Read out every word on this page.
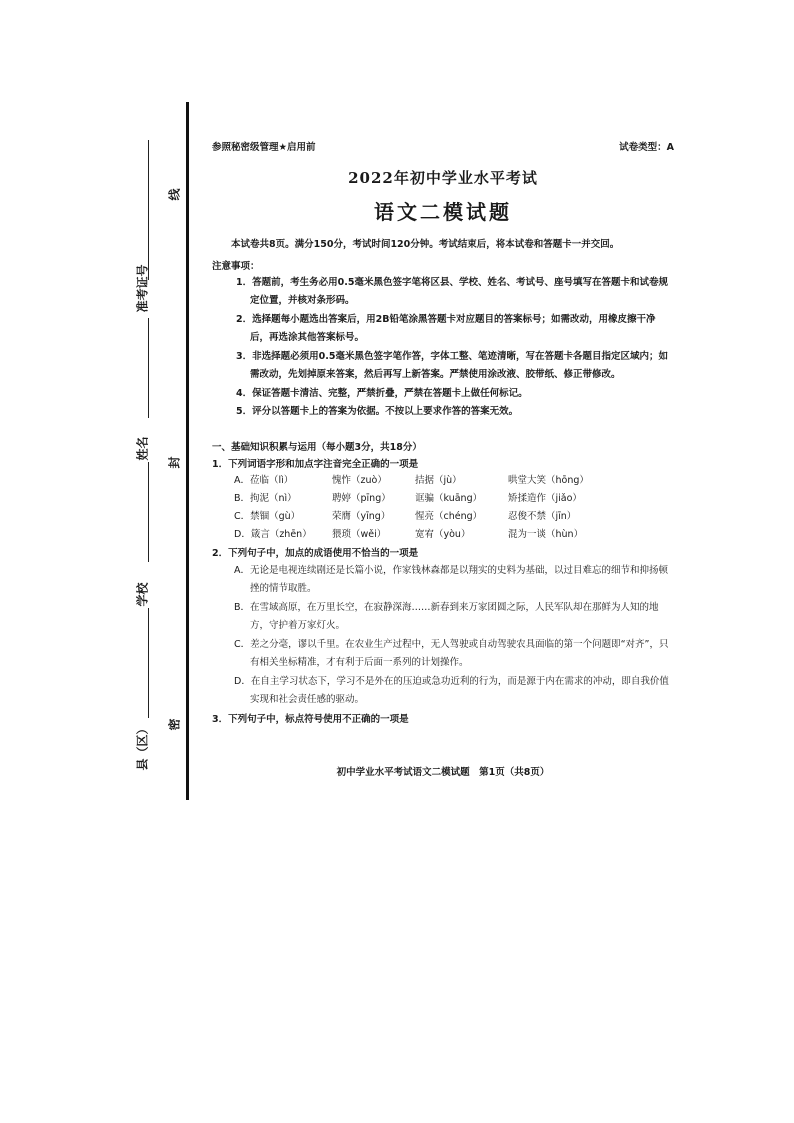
线
封
密
准考证号
姓名
学校
县（区）
参照秘密级管理★启用前	试卷类型：A
2022年初中学业水平考试
语文二模试题
本试卷共8页。满分150分，考试时间120分钟。考试结束后，将本试卷和答题卡一并交回。
注意事项：
1．答题前，考生务必用0.5毫米黑色签字笔将区县、学校、姓名、考试号、座号填写在答题卡和试卷规定位置，并核对条形码。
2．选择题每小题选出答案后，用2B铅笔涂黑答题卡对应题目的答案标号；如需改动，用橡皮擦干净后，再选涂其他答案标号。
3．非选择题必须用0.5毫米黑色签字笔作答，字体工整、笔迹清晰，写在答题卡各题目指定区域内；如需改动，先划掉原来答案，然后再写上新答案。严禁使用涂改液、胶带纸、修正带修改。
4．保证答题卡清洁、完整，严禁折叠，严禁在答题卡上做任何标记。
5．评分以答题卡上的答案为依据。不按以上要求作答的答案无效。
一、基础知识积累与运用（每小题3分，共18分）
1．下列词语字形和加点字注音完全正确的一项是
A．莅临（lì）	愧怍（zuò）	拮据（jù）	哄堂大笑（hōng）
B．拘泥（nì）	聘婷（pīng）	诓骗（kuāng）	矫揉造作（jiǎo）
C．禁锢（gù）	荣膺（yīng）	惺亮（chéng）	忍俊不禁（jīn）
D．箴言（zhēn）	猥琐（wěi）	宽宥（yòu）	混为一谈（hùn）
2．下列句子中，加点的成语使用不恰当的一项是
A．无论是电视连续剧还是长篇小说，作家钱林森都是以翔实的史料为基础，以过目难忘的细节和抑扬顿挫的情节取胜。
B．在雪域高原，在万里长空，在寂静深海……新春到来万家团圆之际，人民军队却在那鲜为人知的地方，守护着万家灯火。
C．差之分毫，谬以千里。在农业生产过程中，无人驾驶或自动驾驶农具面临的第一个问题即“对齐”，只有相关坐标精准，才有利于后面一系列的计划操作。
D．在自主学习状态下，学习不是外在的压迫或急功近利的行为，而是源于内在需求的冲动，即自我价值实现和社会责任感的驱动。
3．下列句子中，标点符号使用不正确的一项是
初中学业水平考试语文二模试题　第1页（共8页）
